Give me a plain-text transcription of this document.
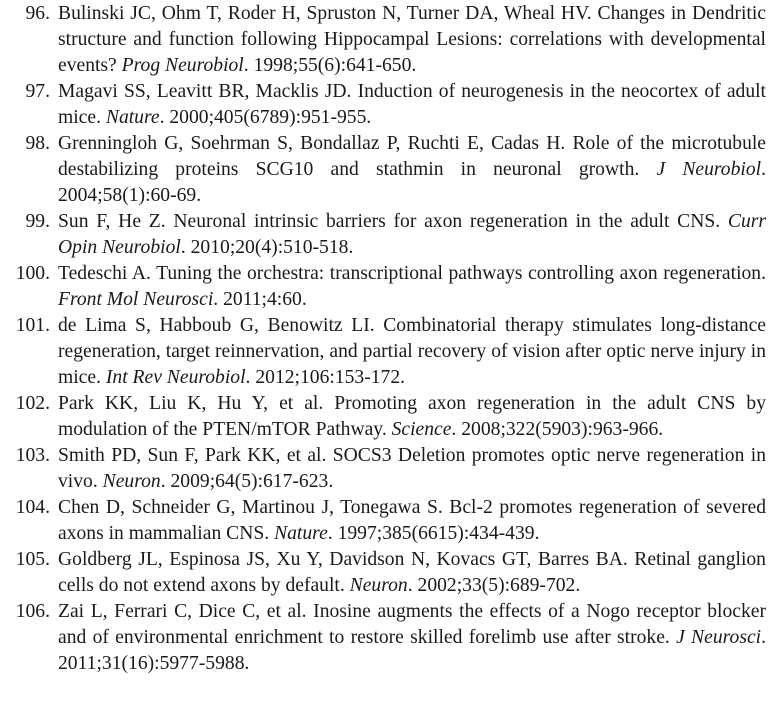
96. Bulinski JC, Ohm T, Roder H, Spruston N, Turner DA, Wheal HV. Changes in Dendritic structure and function following Hippocampal Lesions: correlations with developmental events? Prog Neurobiol. 1998;55(6):641-650.
97. Magavi SS, Leavitt BR, Macklis JD. Induction of neurogenesis in the neocortex of adult mice. Nature. 2000;405(6789):951-955.
98. Grenningloh G, Soehrman S, Bondallaz P, Ruchti E, Cadas H. Role of the microtubule destabilizing proteins SCG10 and stathmin in neuronal growth. J Neurobiol. 2004;58(1):60-69.
99. Sun F, He Z. Neuronal intrinsic barriers for axon regeneration in the adult CNS. Curr Opin Neurobiol. 2010;20(4):510-518.
100. Tedeschi A. Tuning the orchestra: transcriptional pathways controlling axon regeneration. Front Mol Neurosci. 2011;4:60.
101. de Lima S, Habboub G, Benowitz LI. Combinatorial therapy stimulates long-distance regeneration, target reinnervation, and partial recovery of vision after optic nerve injury in mice. Int Rev Neurobiol. 2012;106:153-172.
102. Park KK, Liu K, Hu Y, et al. Promoting axon regeneration in the adult CNS by modulation of the PTEN/mTOR Pathway. Science. 2008;322(5903):963-966.
103. Smith PD, Sun F, Park KK, et al. SOCS3 Deletion promotes optic nerve regeneration in vivo. Neuron. 2009;64(5):617-623.
104. Chen D, Schneider G, Martinou J, Tonegawa S. Bcl-2 promotes regeneration of severed axons in mammalian CNS. Nature. 1997;385(6615):434-439.
105. Goldberg JL, Espinosa JS, Xu Y, Davidson N, Kovacs GT, Barres BA. Retinal ganglion cells do not extend axons by default. Neuron. 2002;33(5):689-702.
106. Zai L, Ferrari C, Dice C, et al. Inosine augments the effects of a Nogo receptor blocker and of environmental enrichment to restore skilled forelimb use after stroke. J Neurosci. 2011;31(16):5977-5988.
